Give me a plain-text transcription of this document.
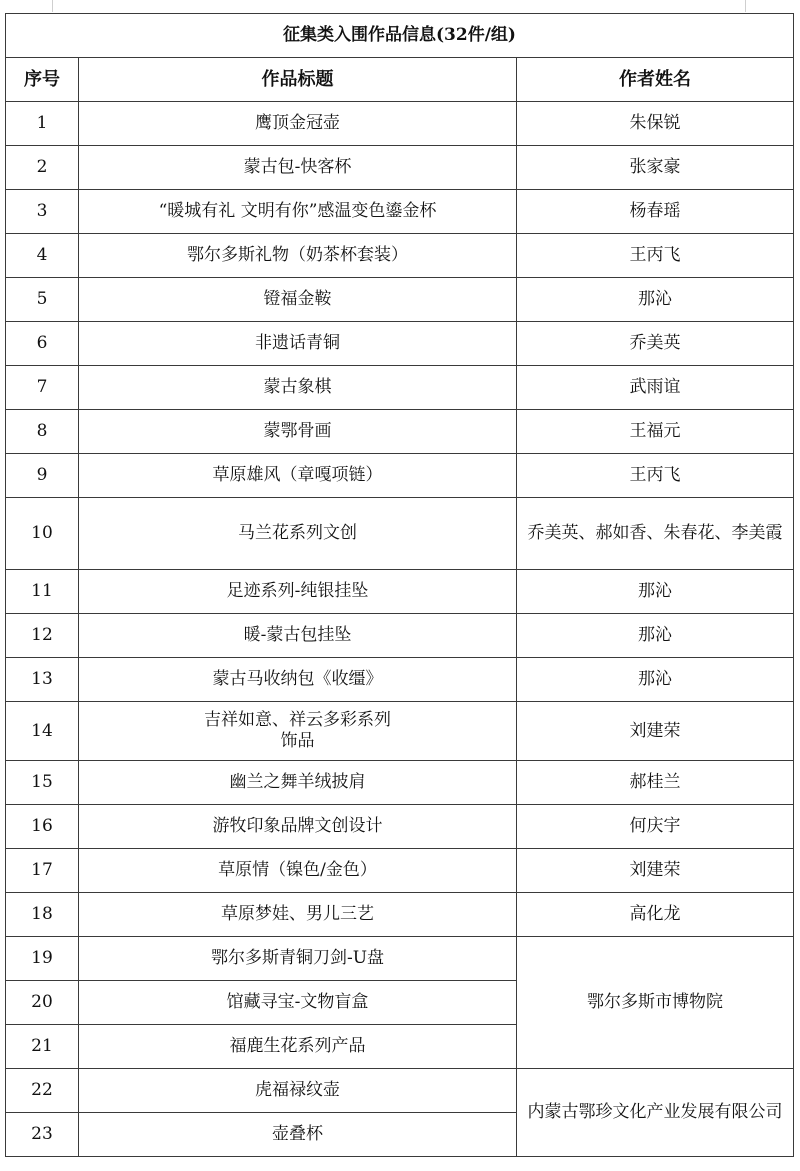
征集类入围作品信息(32件/组)		
序号	作品标题	作者姓名
1	鹰顶金冠壶	朱保锐
2	蒙古包-快客杯	张家豪
3	“暖城有礼 文明有你”感温变色鎏金杯	杨春瑶
4	鄂尔多斯礼物（奶茶杯套装）	王丙飞
5	镫福金鞍	那沁
6	非遗话青铜	乔美英
7	蒙古象棋	武雨谊
8	蒙鄂骨画	王福元
9	草原雄风（章嘎项链）	王丙飞
10	马兰花系列文创	乔美英、郝如香、朱春花、李美霞
11	足迹系列-纯银挂坠	那沁
12	暖-蒙古包挂坠	那沁
13	蒙古马收纳包《收缰》	那沁
14	吉祥如意、祥云多彩系列饰品	刘建荣
15	幽兰之舞羊绒披肩	郝桂兰
16	游牧印象品牌文创设计	何庆宇
17	草原情（镍色/金色）	刘建荣
18	草原梦娃、男儿三艺	高化龙
19	鄂尔多斯青铜刀剑-U盘	鄂尔多斯市博物院
20	馆藏寻宝-文物盲盒	
21	福鹿生花系列产品	
22	虎福禄纹壶	内蒙古鄂珍文化产业发展有限公司
23	壶叠杯	
